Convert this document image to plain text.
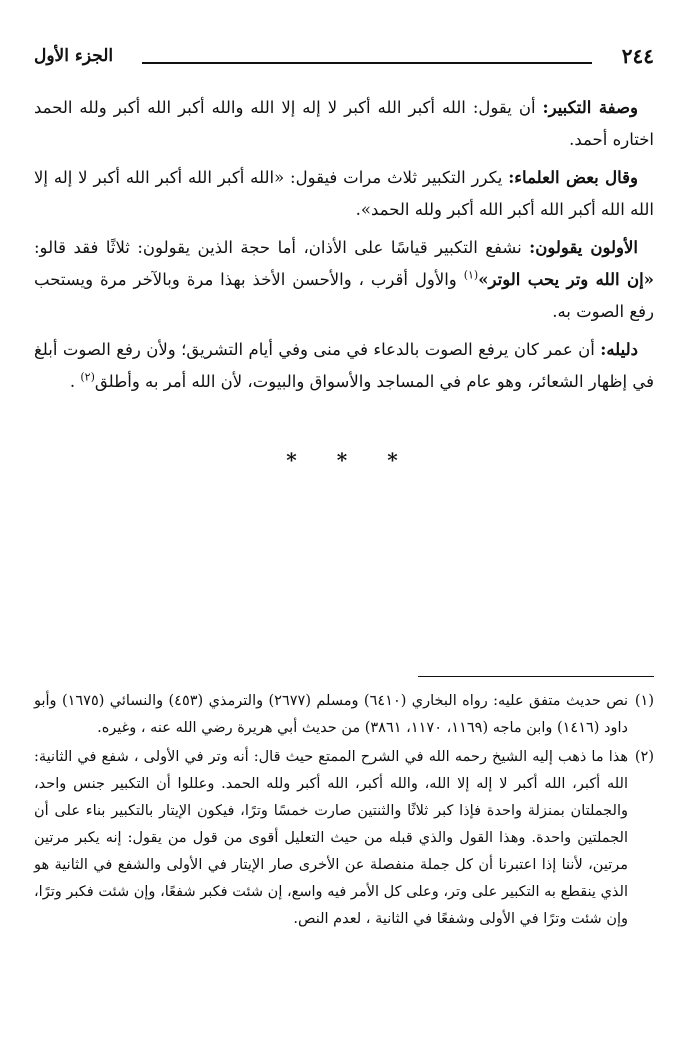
٢٤٤
الجزء الأول

وصفة التكبير: أن يقول: الله أكبر الله أكبر لا إله إلا الله والله أكبر الله أكبر ولله الحمد اختاره أحمد.

وقال بعض العلماء: يكرر التكبير ثلاث مرات فيقول: «الله أكبر الله أكبر الله أكبر لا إله إلا الله الله أكبر الله أكبر الله أكبر ولله الحمد».

الأولون يقولون: نشفع التكبير قياسًا على الأذان، أما حجة الذين يقولون: ثلاثًا فقد قالو: «إن الله وتر يحب الوتر»$^{(١)}$ والأول أقرب ، والأحسن الأخذ بهذا مرة وبالآخر مرة ويستحب رفع الصوت به.

دليله: أن عمر كان يرفع الصوت بالدعاء في منى وفي أيام التشريق؛ ولأن رفع الصوت أبلغ في إظهار الشعائر، وهو عام في المساجد والأسواق والبيوت، لأن الله أمر به وأطلق$^{(٢)}$ .

***
(١)
نص حديث متفق عليه: رواه البخاري (٦٤١٠) ومسلم (٢٦٧٧) والترمذي (٤٥٣) والنسائي (١٦٧٥) وأبو داود (١٤١٦) وابن ماجه (١١٦٩، ١١٧٠، ٣٨٦١) من حديث أبي هريرة رضي الله عنه ، وغيره.
(٢)
هذا ما ذهب إليه الشيخ رحمه الله في الشرح الممتع حيث قال: أنه وتر في الأولى ، شفع في الثانية: الله أكبر، الله أكبر لا إله إلا الله، والله أكبر، الله أكبر ولله الحمد. وعللوا أن التكبير جنس واحد، والجملتان بمنزلة واحدة فإذا كبر ثلاثًا والثنتين صارت خمسًا وترًا، فيكون الإيتار بالتكبير بناء على أن الجملتين واحدة. وهذا القول والذي قبله من حيث التعليل أقوى من قول من يقول: إنه يكبر مرتين مرتين، لأننا إذا اعتبرنا أن كل جملة منفصلة عن الأخرى صار الإيتار في الأولى والشفع في الثانية هو الذي ينقطع به التكبير على وتر، وعلى كل الأمر فيه واسع، إن شئت فكبر شفعًا، وإن شئت فكبر وترًا، وإن شئت وترًا في الأولى وشفعًا في الثانية ، لعدم النص.
